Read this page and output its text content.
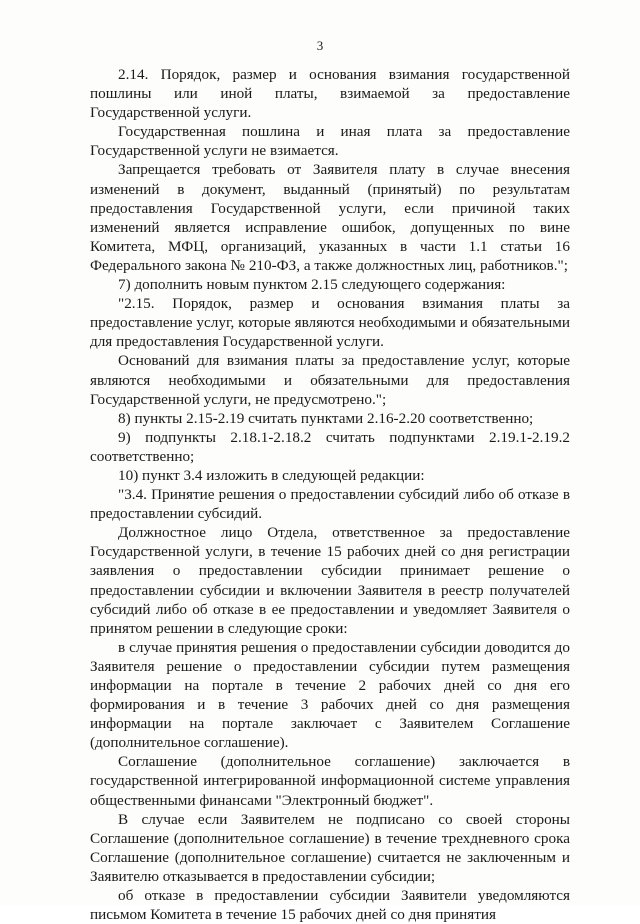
3

2.14. Порядок, размер и основания взимания государственной пошлины или иной платы, взимаемой за предоставление Государственной услуги.

Государственная пошлина и иная плата за предоставление Государственной услуги не взимается.

Запрещается требовать от Заявителя плату в случае внесения изменений в документ, выданный (принятый) по результатам предоставления Государственной услуги, если причиной таких изменений является исправление ошибок, допущенных по вине Комитета, МФЦ, организаций, указанных в части 1.1 статьи 16 Федерального закона № 210-ФЗ, а также должностных лиц, работников.";

7) дополнить новым пунктом 2.15 следующего содержания:

"2.15. Порядок, размер и основания взимания платы за предоставление услуг, которые являются необходимыми и обязательными для предоставления Государственной услуги.

Оснований для взимания платы за предоставление услуг, которые являются необходимыми и обязательными для предоставления Государственной услуги, не предусмотрено.";

8) пункты 2.15-2.19 считать пунктами 2.16-2.20 соответственно;

9) подпункты 2.18.1-2.18.2 считать подпунктами 2.19.1-2.19.2 соответственно;

10) пункт 3.4 изложить в следующей редакции:

"3.4. Принятие решения о предоставлении субсидий либо об отказе в предоставлении субсидий.

Должностное лицо Отдела, ответственное за предоставление Государственной услуги, в течение 15 рабочих дней со дня регистрации заявления о предоставлении субсидии принимает решение о предоставлении субсидии и включении Заявителя в реестр получателей субсидий либо об отказе в ее предоставлении и уведомляет Заявителя о принятом решении в следующие сроки:

в случае принятия решения о предоставлении субсидии доводится до Заявителя решение о предоставлении субсидии путем размещения информации на портале в течение 2 рабочих дней со дня его формирования и в течение 3 рабочих дней со дня размещения информации на портале заключает с Заявителем Соглашение (дополнительное соглашение).

Соглашение (дополнительное соглашение) заключается в государственной интегрированной информационной системе управления общественными финансами "Электронный бюджет".

В случае если Заявителем не подписано со своей стороны Соглашение (дополнительное соглашение) в течение трехдневного срока Соглашение (дополнительное соглашение) считается не заключенным и Заявителю отказывается в предоставлении субсидии;

об отказе в предоставлении субсидии Заявители уведомляются письмом Комитета в течение 15 рабочих дней со дня принятия
